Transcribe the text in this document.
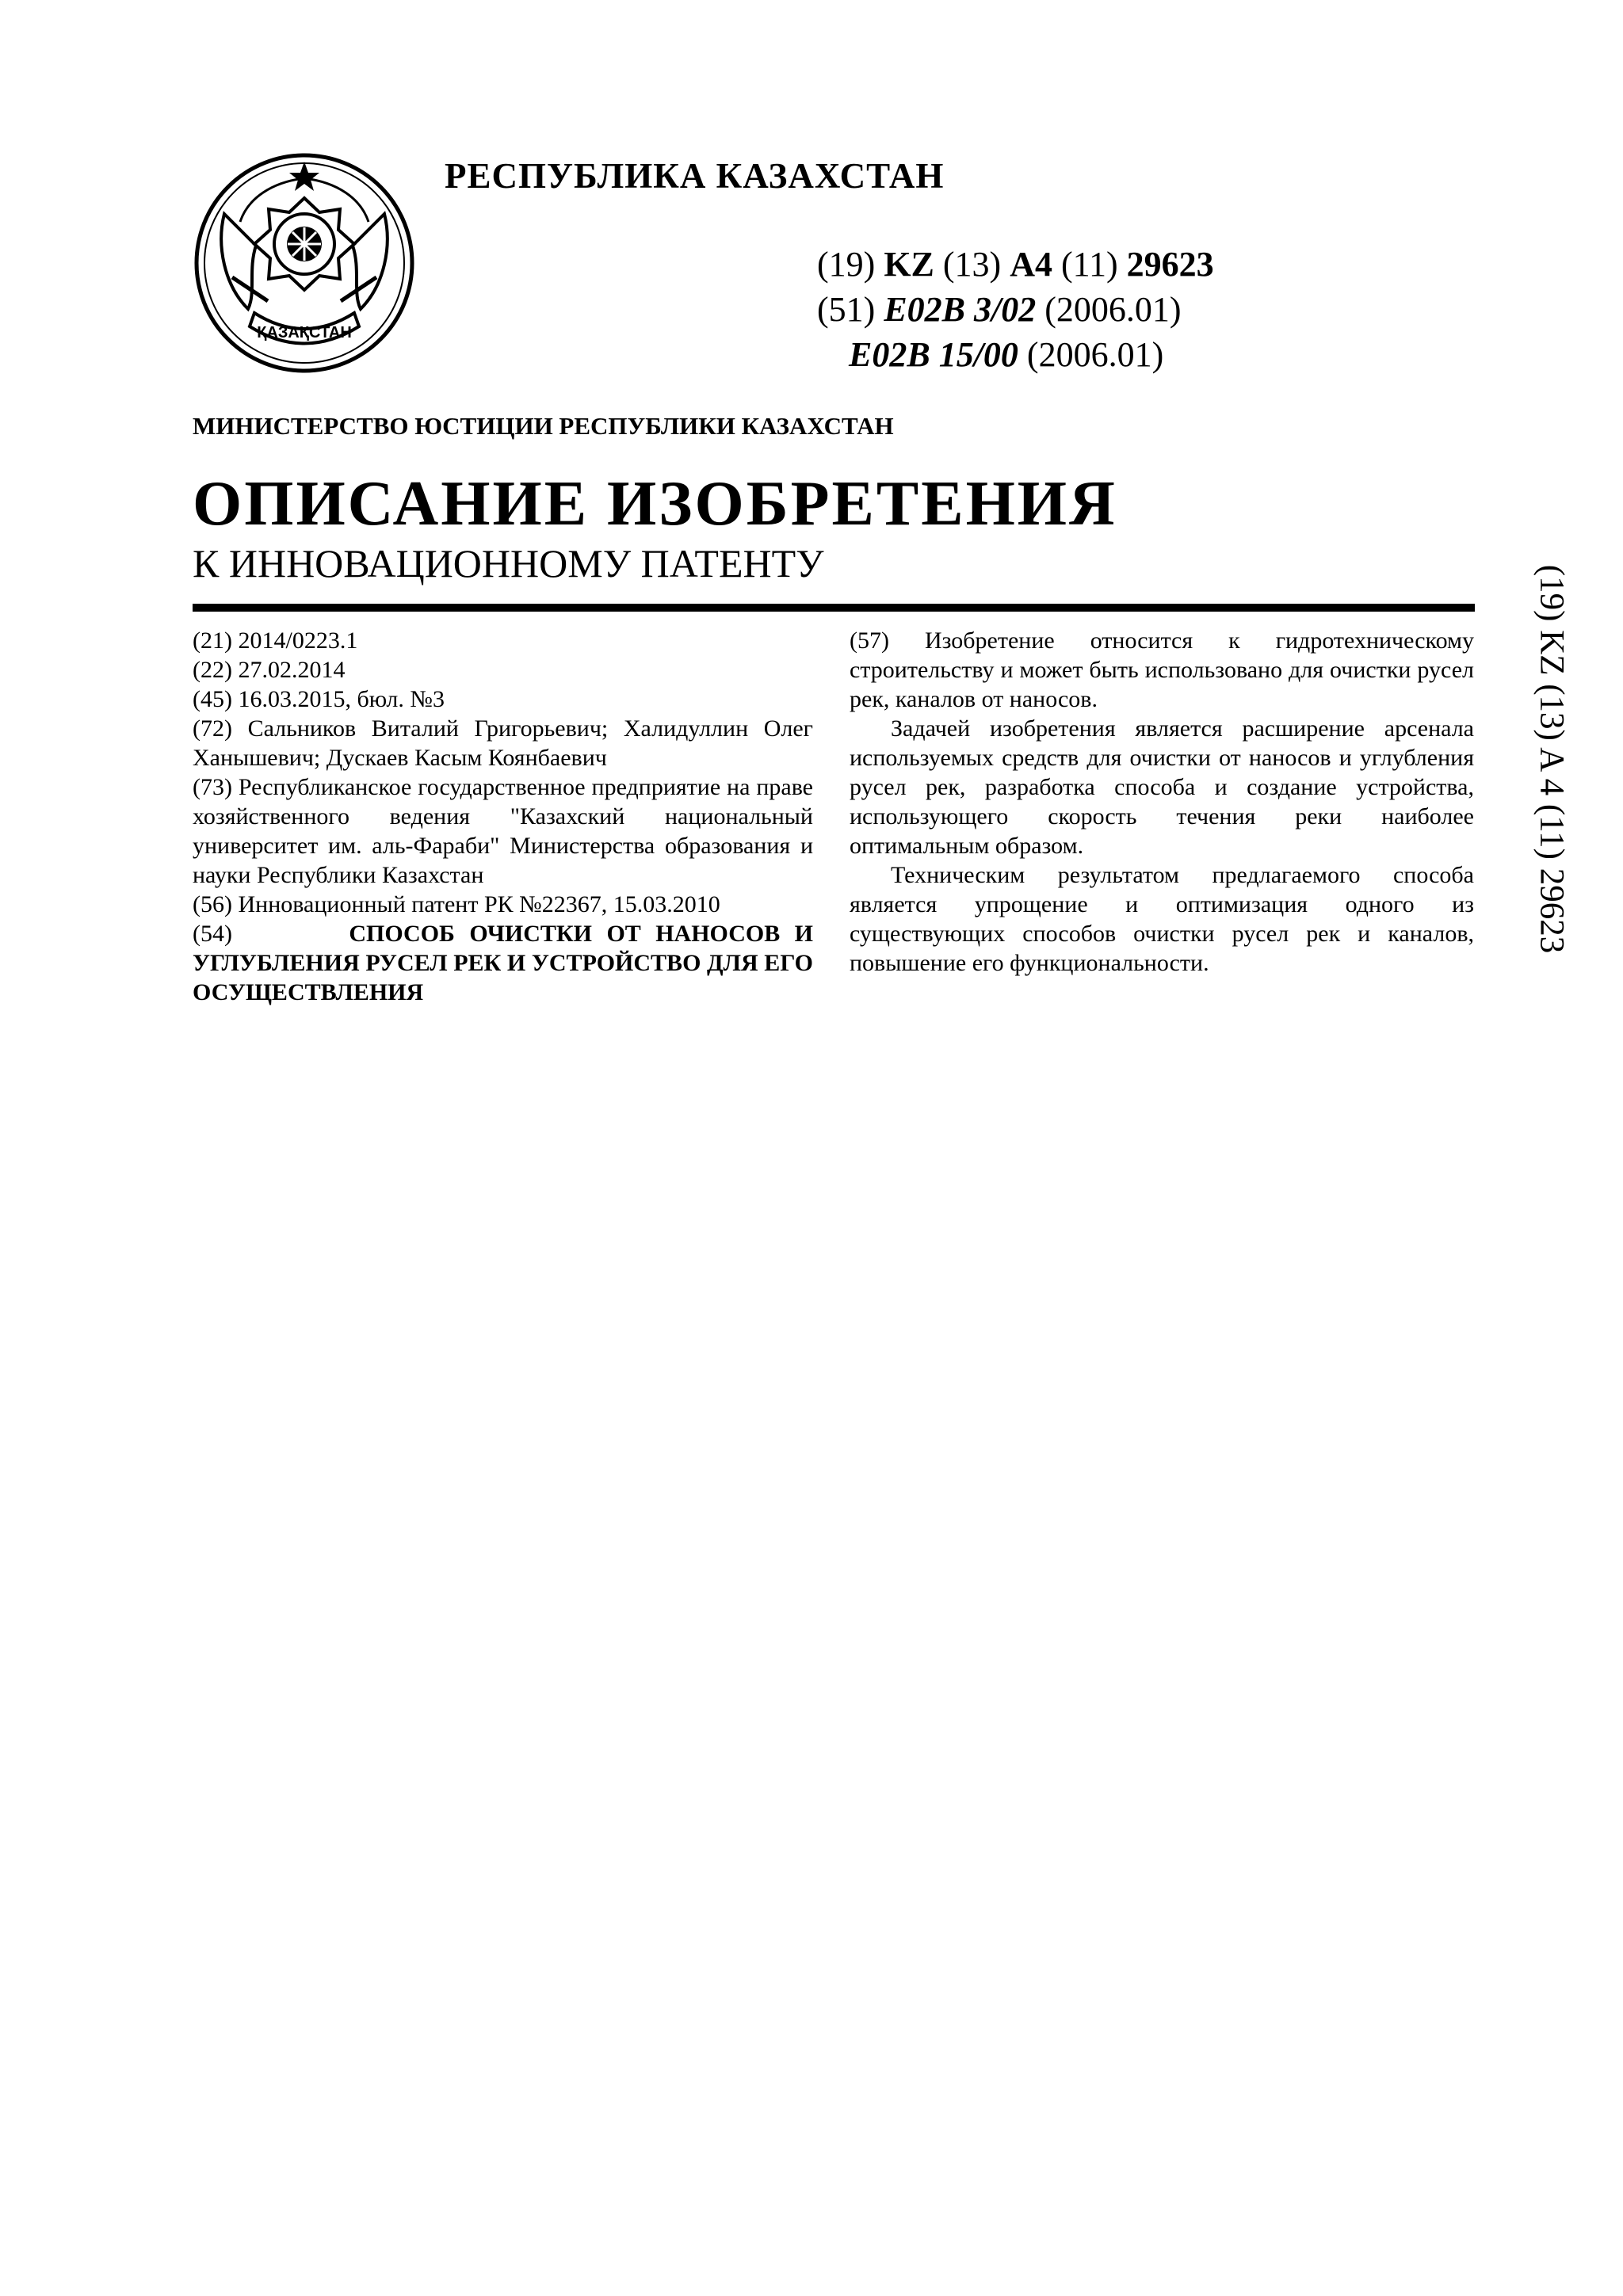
ҚАЗАҚСТАН
РЕСПУБЛИКА КАЗАХСТАН
(19) KZ (13) A4 (11) 29623
(51) E02B 3/02 (2006.01)
E02B 15/00 (2006.01)
МИНИСТЕРСТВО ЮСТИЦИИ РЕСПУБЛИКИ КАЗАХСТАН
ОПИСАНИЕ ИЗОБРЕТЕНИЯ
К ИННОВАЦИОННОМУ ПАТЕНТУ

(21) 2014/0223.1

(22) 27.02.2014

(45) 16.03.2015, бюл. №3

(72) Сальников Виталий Григорьевич; Халидуллин Олег Ханышевич; Дускаев Касым Коянбаевич

(73) Республиканское государственное предприятие на праве хозяйственного ведения "Казахский национальный университет им. аль-Фараби" Министерства образования и науки Республики Казахстан

(56) Инновационный патент РК №22367, 15.03.2010

(54)	СПОСОБ ОЧИСТКИ ОТ НАНОСОВ И УГЛУБЛЕНИЯ РУСЕЛ РЕК И УСТРОЙСТВО ДЛЯ ЕГО ОСУЩЕСТВЛЕНИЯ

(57) Изобретение относится к гидротехническому строительству и может быть использовано для очистки русел рек, каналов от наносов.

Задачей изобретения является расширение арсенала используемых средств для очистки от наносов и углубления русел рек, разработка способа и создание устройства, использующего скорость течения реки наиболее оптимальным образом.

Техническим результатом предлагаемого способа является упрощение и оптимизация одного из существующих способов очистки русел рек и каналов, повышение его функциональности.

(19) KZ (13) A 4 (11) 29623
